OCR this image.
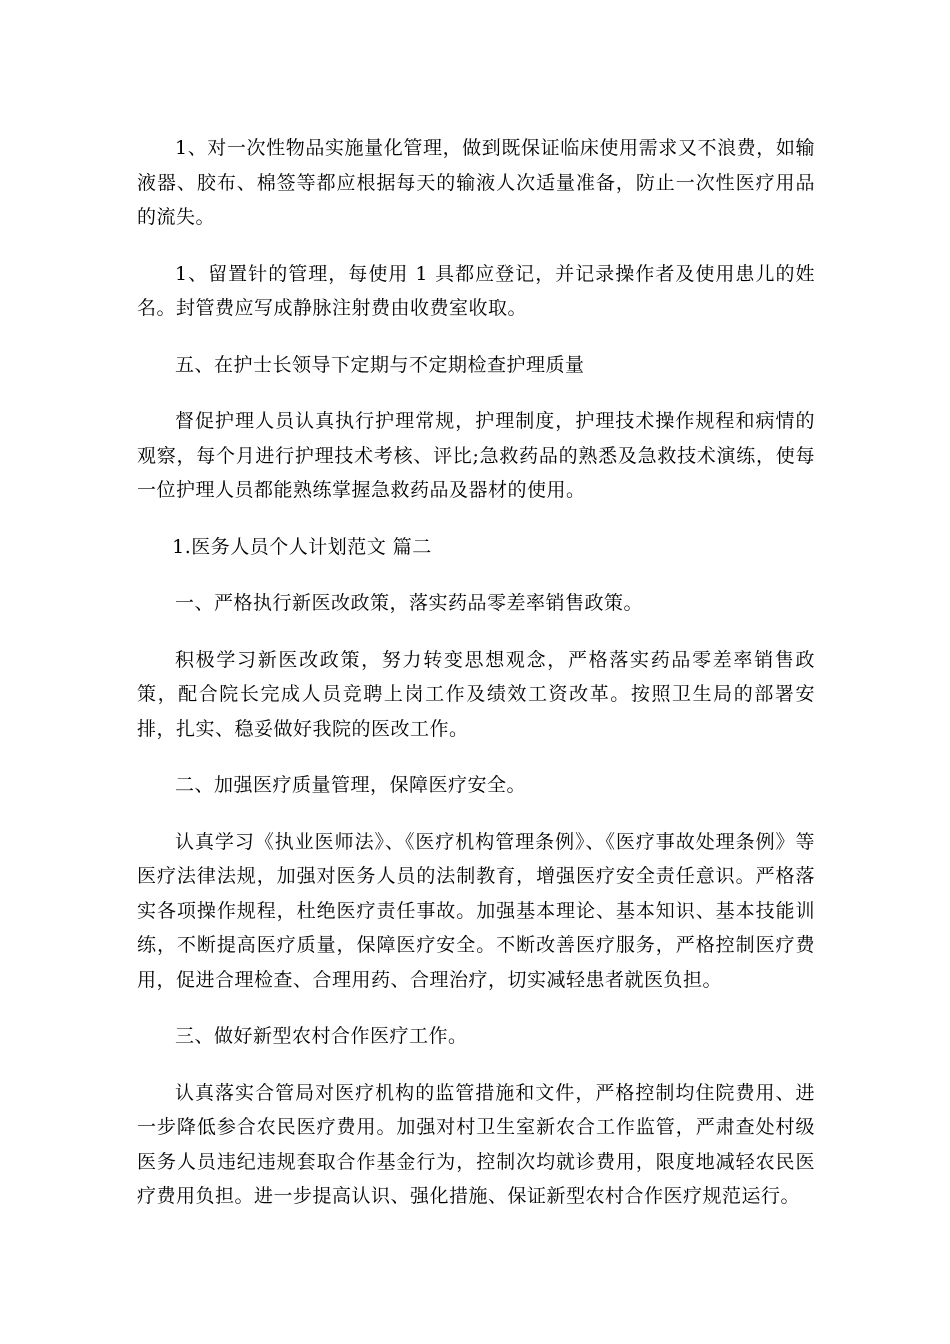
1、对一次性物品实施量化管理，做到既保证临床使用需求又不浪费，如输液器、胶布、棉签等都应根据每天的输液人次适量准备，防止一次性医疗用品的流失。

1、留置针的管理，每使用 1 具都应登记，并记录操作者及使用患儿的姓名。封管费应写成静脉注射费由收费室收取。

五、在护士长领导下定期与不定期检查护理质量

督促护理人员认真执行护理常规，护理制度，护理技术操作规程和病情的观察，每个月进行护理技术考核、评比;急救药品的熟悉及急救技术演练，使每一位护理人员都能熟练掌握急救药品及器材的使用。

1.医务人员个人计划范文 篇二

一、严格执行新医改政策，落实药品零差率销售政策。

积极学习新医改政策，努力转变思想观念，严格落实药品零差率销售政策，配合院长完成人员竞聘上岗工作及绩效工资改革。按照卫生局的部署安排，扎实、稳妥做好我院的医改工作。

二、加强医疗质量管理，保障医疗安全。

认真学习《执业医师法》、《医疗机构管理条例》、《医疗事故处理条例》等医疗法律法规，加强对医务人员的法制教育，增强医疗安全责任意识。严格落实各项操作规程，杜绝医疗责任事故。加强基本理论、基本知识、基本技能训练，不断提高医疗质量，保障医疗安全。不断改善医疗服务，严格控制医疗费用，促进合理检查、合理用药、合理治疗，切实减轻患者就医负担。

三、做好新型农村合作医疗工作。

认真落实合管局对医疗机构的监管措施和文件，严格控制均住院费用、进一步降低参合农民医疗费用。加强对村卫生室新农合工作监管，严肃查处村级医务人员违纪违规套取合作基金行为，控制次均就诊费用，限度地减轻农民医疗费用负担。进一步提高认识、强化措施、保证新型农村合作医疗规范运行。
